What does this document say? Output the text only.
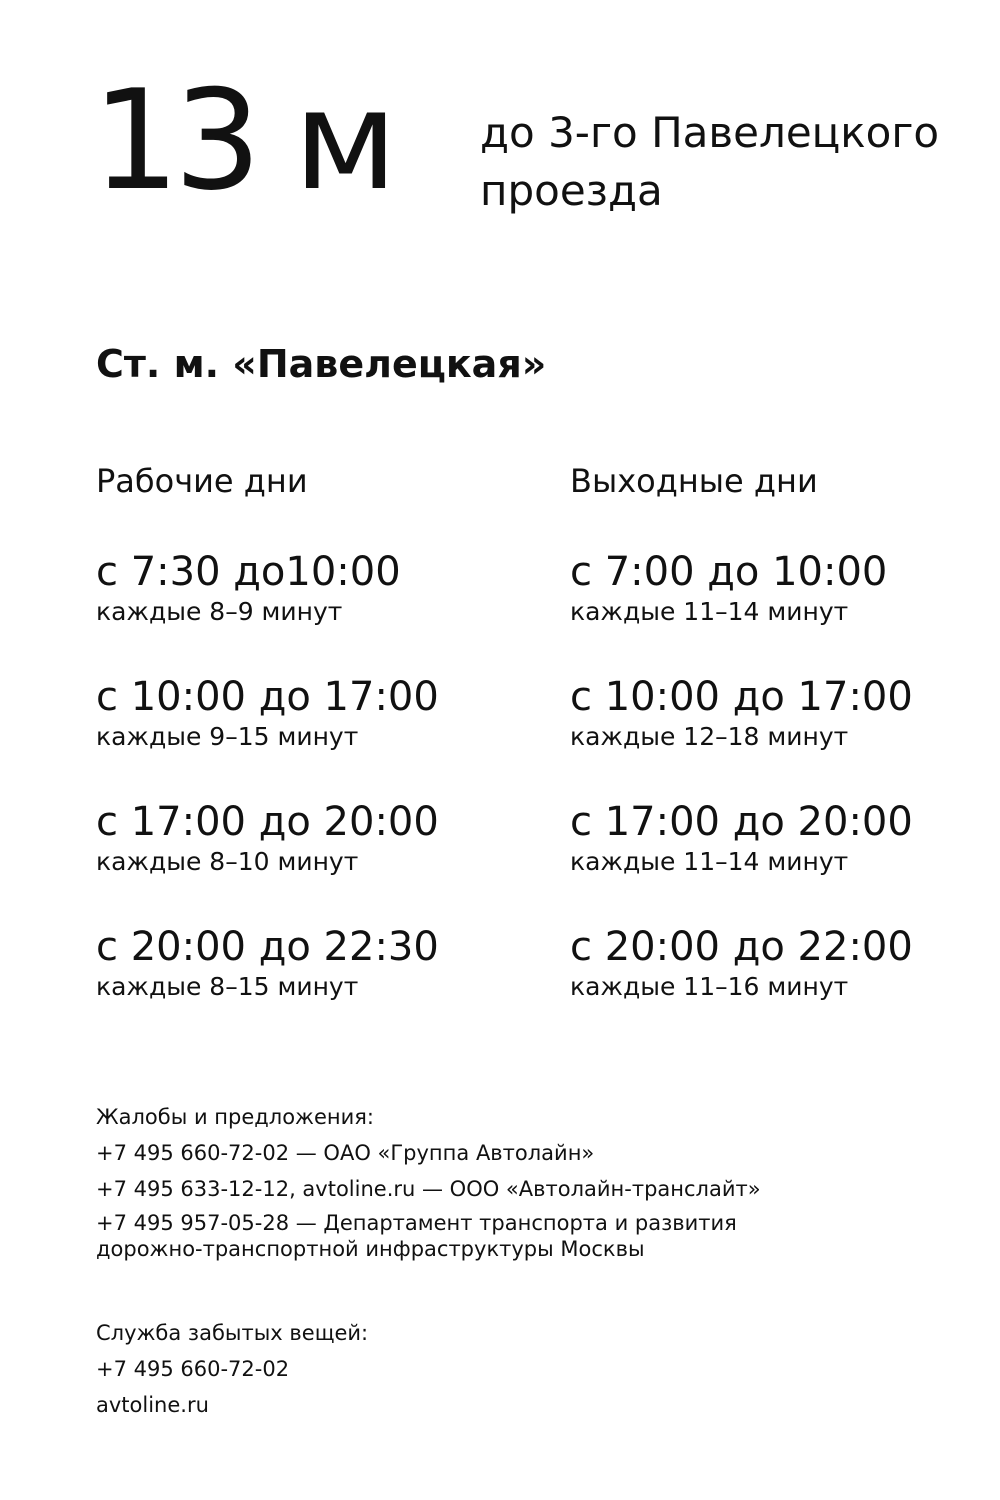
13 м до 3-го Павелецкого проезда
Ст. м. «Павелецкая»
Рабочие дни
с 7:30 до10:00
каждые 8–9 минут
с 10:00 до 17:00
каждые 9–15 минут
с 17:00 до 20:00
каждые 8–10 минут
с 20:00 до 22:30
каждые 8–15 минут
Выходные дни
с 7:00 до 10:00
каждые 11–14 минут
с 10:00 до 17:00
каждые 12–18 минут
с 17:00 до 20:00
каждые 11–14 минут
с 20:00 до 22:00
каждые 11–16 минут
Жалобы и предложения:
+7 495 660-72-02 — ОАО «Группа Автолайн»
+7 495 633-12-12, avtoline.ru — ООО «Автолайн-транслайт»
+7 495 957-05-28 — Департамент транспорта и развития
дорожно-транспортной инфраструктуры Москвы
Служба забытых вещей:
+7 495 660-72-02
avtoline.ru
